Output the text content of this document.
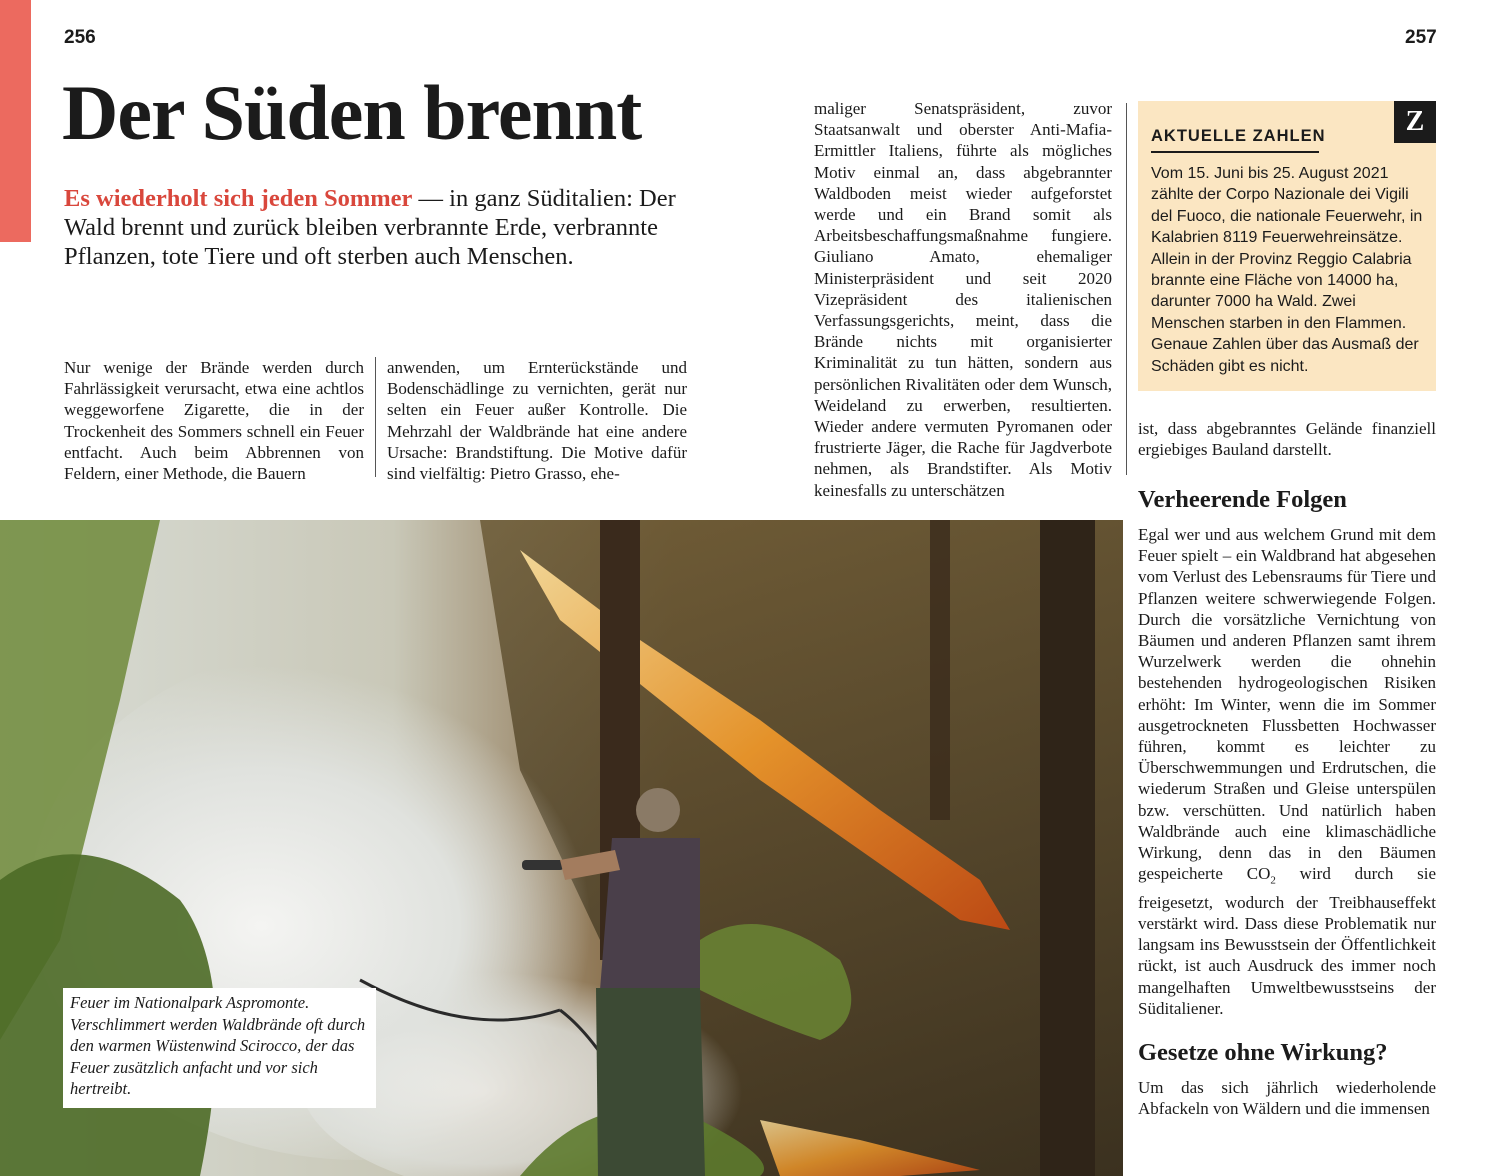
256	257
Der Süden brennt

Es wiederholt sich jeden Sommer — in ganz Süditalien: Der Wald brennt und zurück bleiben verbrannte Erde, verbrannte Pflanzen, tote Tiere und oft sterben auch Menschen.

Nur wenige der Brände werden durch Fahrlässigkeit verursacht, etwa eine achtlos weggeworfene Zigarette, die in der Trockenheit des Sommers schnell ein Feuer entfacht. Auch beim Abbrennen von Feldern, einer Methode, die Bauern

anwenden, um Ernterückstände und Bodenschädlinge zu vernichten, gerät nur selten ein Feuer außer Kontrolle. Die Mehrzahl der Waldbrände hat eine andere Ursache: Brandstiftung. Die Motive dafür sind vielfältig: Pietro Grasso, ehe-

maliger Senatspräsident, zuvor Staatsanwalt und oberster Anti-Mafia-Ermittler Italiens, führte als mögliches Motiv einmal an, dass abgebrannter Waldboden meist wieder aufgeforstet werde und ein Brand somit als Arbeitsbeschaffungsmaßnahme fungiere. Giuliano Amato, ehemaliger Ministerpräsident und seit 2020 Vizepräsident des italienischen Verfassungsgerichts, meint, dass die Brände nichts mit organisierter Kriminalität zu tun hätten, sondern aus persönlichen Rivalitäten oder dem Wunsch, Weideland zu erwerben, resultierten. Wieder andere vermuten Pyromanen oder frustrierte Jäger, die Rache für Jagdverbote nehmen, als Brandstifter. Als Motiv keinesfalls zu unterschätzen

AKTUELLE ZAHLEN	Z

Vom 15. Juni bis 25. August 2021 zählte der Corpo Nazionale dei Vigili del Fuoco, die nationale Feuerwehr, in Kalabrien 8119 Feuerwehreinsätze. Allein in der Provinz Reggio Calabria brannte eine Fläche von 14000 ha, darunter 7000 ha Wald. Zwei Menschen starben in den Flammen. Genaue Zahlen über das Ausmaß der Schäden gibt es nicht.

ist, dass abgebranntes Gelände finanziell ergiebiges Bauland darstellt.

Verheerende Folgen

Egal wer und aus welchem Grund mit dem Feuer spielt – ein Waldbrand hat abgesehen vom Verlust des Lebensraums für Tiere und Pflanzen weitere schwerwiegende Folgen. Durch die vorsätzliche Vernichtung von Bäumen und anderen Pflanzen samt ihrem Wurzelwerk werden die ohnehin bestehenden hydrogeologischen Risiken erhöht: Im Winter, wenn die im Sommer ausgetrockneten Flussbetten Hochwasser führen, kommt es leichter zu Überschwemmungen und Erdrutschen, die wiederum Straßen und Gleise unterspülen bzw. verschütten. Und natürlich haben Waldbrände auch eine klimaschädliche Wirkung, denn das in den Bäumen gespeicherte $CO_2$ wird durch sie freigesetzt, wodurch der Treibhauseffekt verstärkt wird. Dass diese Problematik nur langsam ins Bewusstsein der Öffentlichkeit rückt, ist auch Ausdruck des immer noch mangelhaften Umweltbewusstseins der Süditaliener.

Gesetze ohne Wirkung?

Um das sich jährlich wiederholende Abfackeln von Wäldern und die immensen

Feuer im Nationalpark Aspromonte. Verschlimmert werden Waldbrände oft durch den warmen Wüstenwind Scirocco, der das Feuer zusätzlich anfacht und vor sich hertreibt.
